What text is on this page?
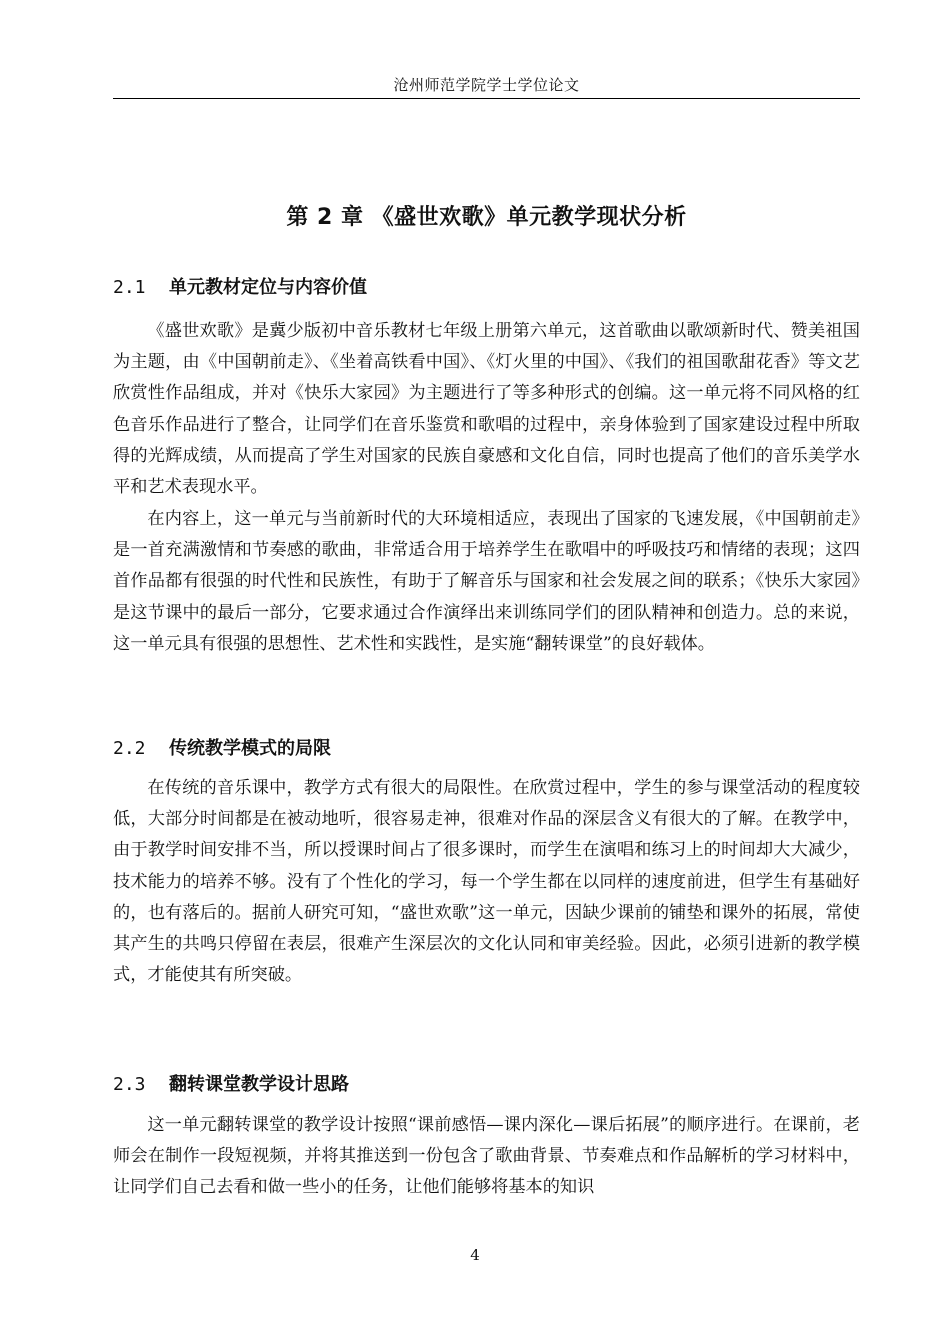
沧州师范学院学士学位论文
第 2 章 《盛世欢歌》单元教学现状分析
2.1 单元教材定位与内容价值

《盛世欢歌》是冀少版初中音乐教材七年级上册第六单元，这首歌曲以歌颂新时代、赞美祖国为主题，由《中国朝前走》、《坐着高铁看中国》、《灯火里的中国》、《我们的祖国歌甜花香》等文艺欣赏性作品组成，并对《快乐大家园》为主题进行了等多种形式的创编。这一单元将不同风格的红色音乐作品进行了整合，让同学们在音乐鉴赏和歌唱的过程中，亲身体验到了国家建设过程中所取得的光辉成绩，从而提高了学生对国家的民族自豪感和文化自信，同时也提高了他们的音乐美学水平和艺术表现水平。

在内容上，这一单元与当前新时代的大环境相适应，表现出了国家的飞速发展，《中国朝前走》是一首充满激情和节奏感的歌曲，非常适合用于培养学生在歌唱中的呼吸技巧和情绪的表现；这四首作品都有很强的时代性和民族性，有助于了解音乐与国家和社会发展之间的联系；《快乐大家园》是这节课中的最后一部分，它要求通过合作演绎出来训练同学们的团队精神和创造力。总的来说，这一单元具有很强的思想性、艺术性和实践性，是实施“翻转课堂”的良好载体。

2.2 传统教学模式的局限

在传统的音乐课中，教学方式有很大的局限性。在欣赏过程中，学生的参与课堂活动的程度较低，大部分时间都是在被动地听，很容易走神，很难对作品的深层含义有很大的了解。在教学中，由于教学时间安排不当，所以授课时间占了很多课时，而学生在演唱和练习上的时间却大大减少，技术能力的培养不够。没有了个性化的学习，每一个学生都在以同样的速度前进，但学生有基础好的，也有落后的。据前人研究可知，“盛世欢歌”这一单元，因缺少课前的铺垫和课外的拓展，常使其产生的共鸣只停留在表层，很难产生深层次的文化认同和审美经验。因此，必须引进新的教学模式，才能使其有所突破。

2.3 翻转课堂教学设计思路

这一单元翻转课堂的教学设计按照“课前感悟—课内深化—课后拓展”的顺序进行。在课前，老师会在制作一段短视频，并将其推送到一份包含了歌曲背景、节奏难点和作品解析的学习材料中，让同学们自己去看和做一些小的任务，让他们能够将基本的知识

4
